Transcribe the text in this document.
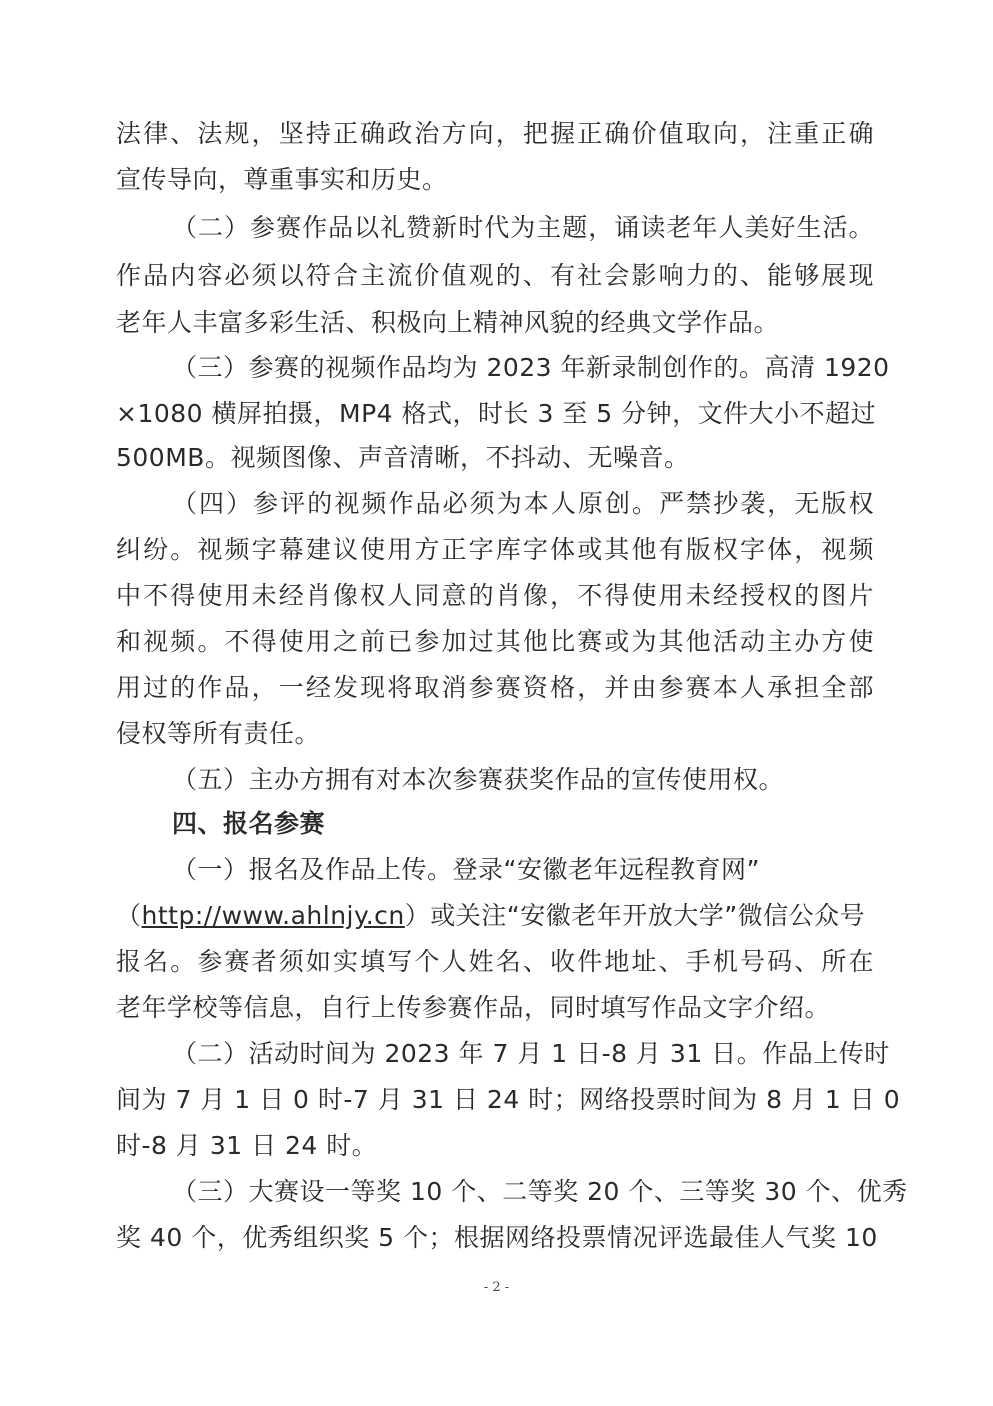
法律、法规，坚持正确政治方向，把握正确价值取向，注重正确
宣传导向，尊重事实和历史。
（二）参赛作品以礼赞新时代为主题，诵读老年人美好生活。
作品内容必须以符合主流价值观的、有社会影响力的、能够展现
老年人丰富多彩生活、积极向上精神风貌的经典文学作品。
（三）参赛的视频作品均为 2023 年新录制创作的。高清 1920
×1080 横屏拍摄，MP4 格式，时长 3 至 5 分钟，文件大小不超过
500MB。视频图像、声音清晰，不抖动、无噪音。
（四）参评的视频作品必须为本人原创。严禁抄袭，无版权
纠纷。视频字幕建议使用方正字库字体或其他有版权字体，视频
中不得使用未经肖像权人同意的肖像，不得使用未经授权的图片
和视频。不得使用之前已参加过其他比赛或为其他活动主办方使
用过的作品，一经发现将取消参赛资格，并由参赛本人承担全部
侵权等所有责任。
（五）主办方拥有对本次参赛获奖作品的宣传使用权。
四、报名参赛
（一）报名及作品上传。登录“安徽老年远程教育网”
（http://www.ahlnjy.cn）或关注“安徽老年开放大学”微信公众号
报名。参赛者须如实填写个人姓名、收件地址、手机号码、所在
老年学校等信息，自行上传参赛作品，同时填写作品文字介绍。
（二）活动时间为 2023 年 7 月 1 日-8 月 31 日。作品上传时
间为 7 月 1 日 0 时-7 月 31 日 24 时；网络投票时间为 8 月 1 日 0
时-8 月 31 日 24 时。
（三）大赛设一等奖 10 个、二等奖 20 个、三等奖 30 个、优秀
奖 40 个，优秀组织奖 5 个；根据网络投票情况评选最佳人气奖 10
- 2 -
